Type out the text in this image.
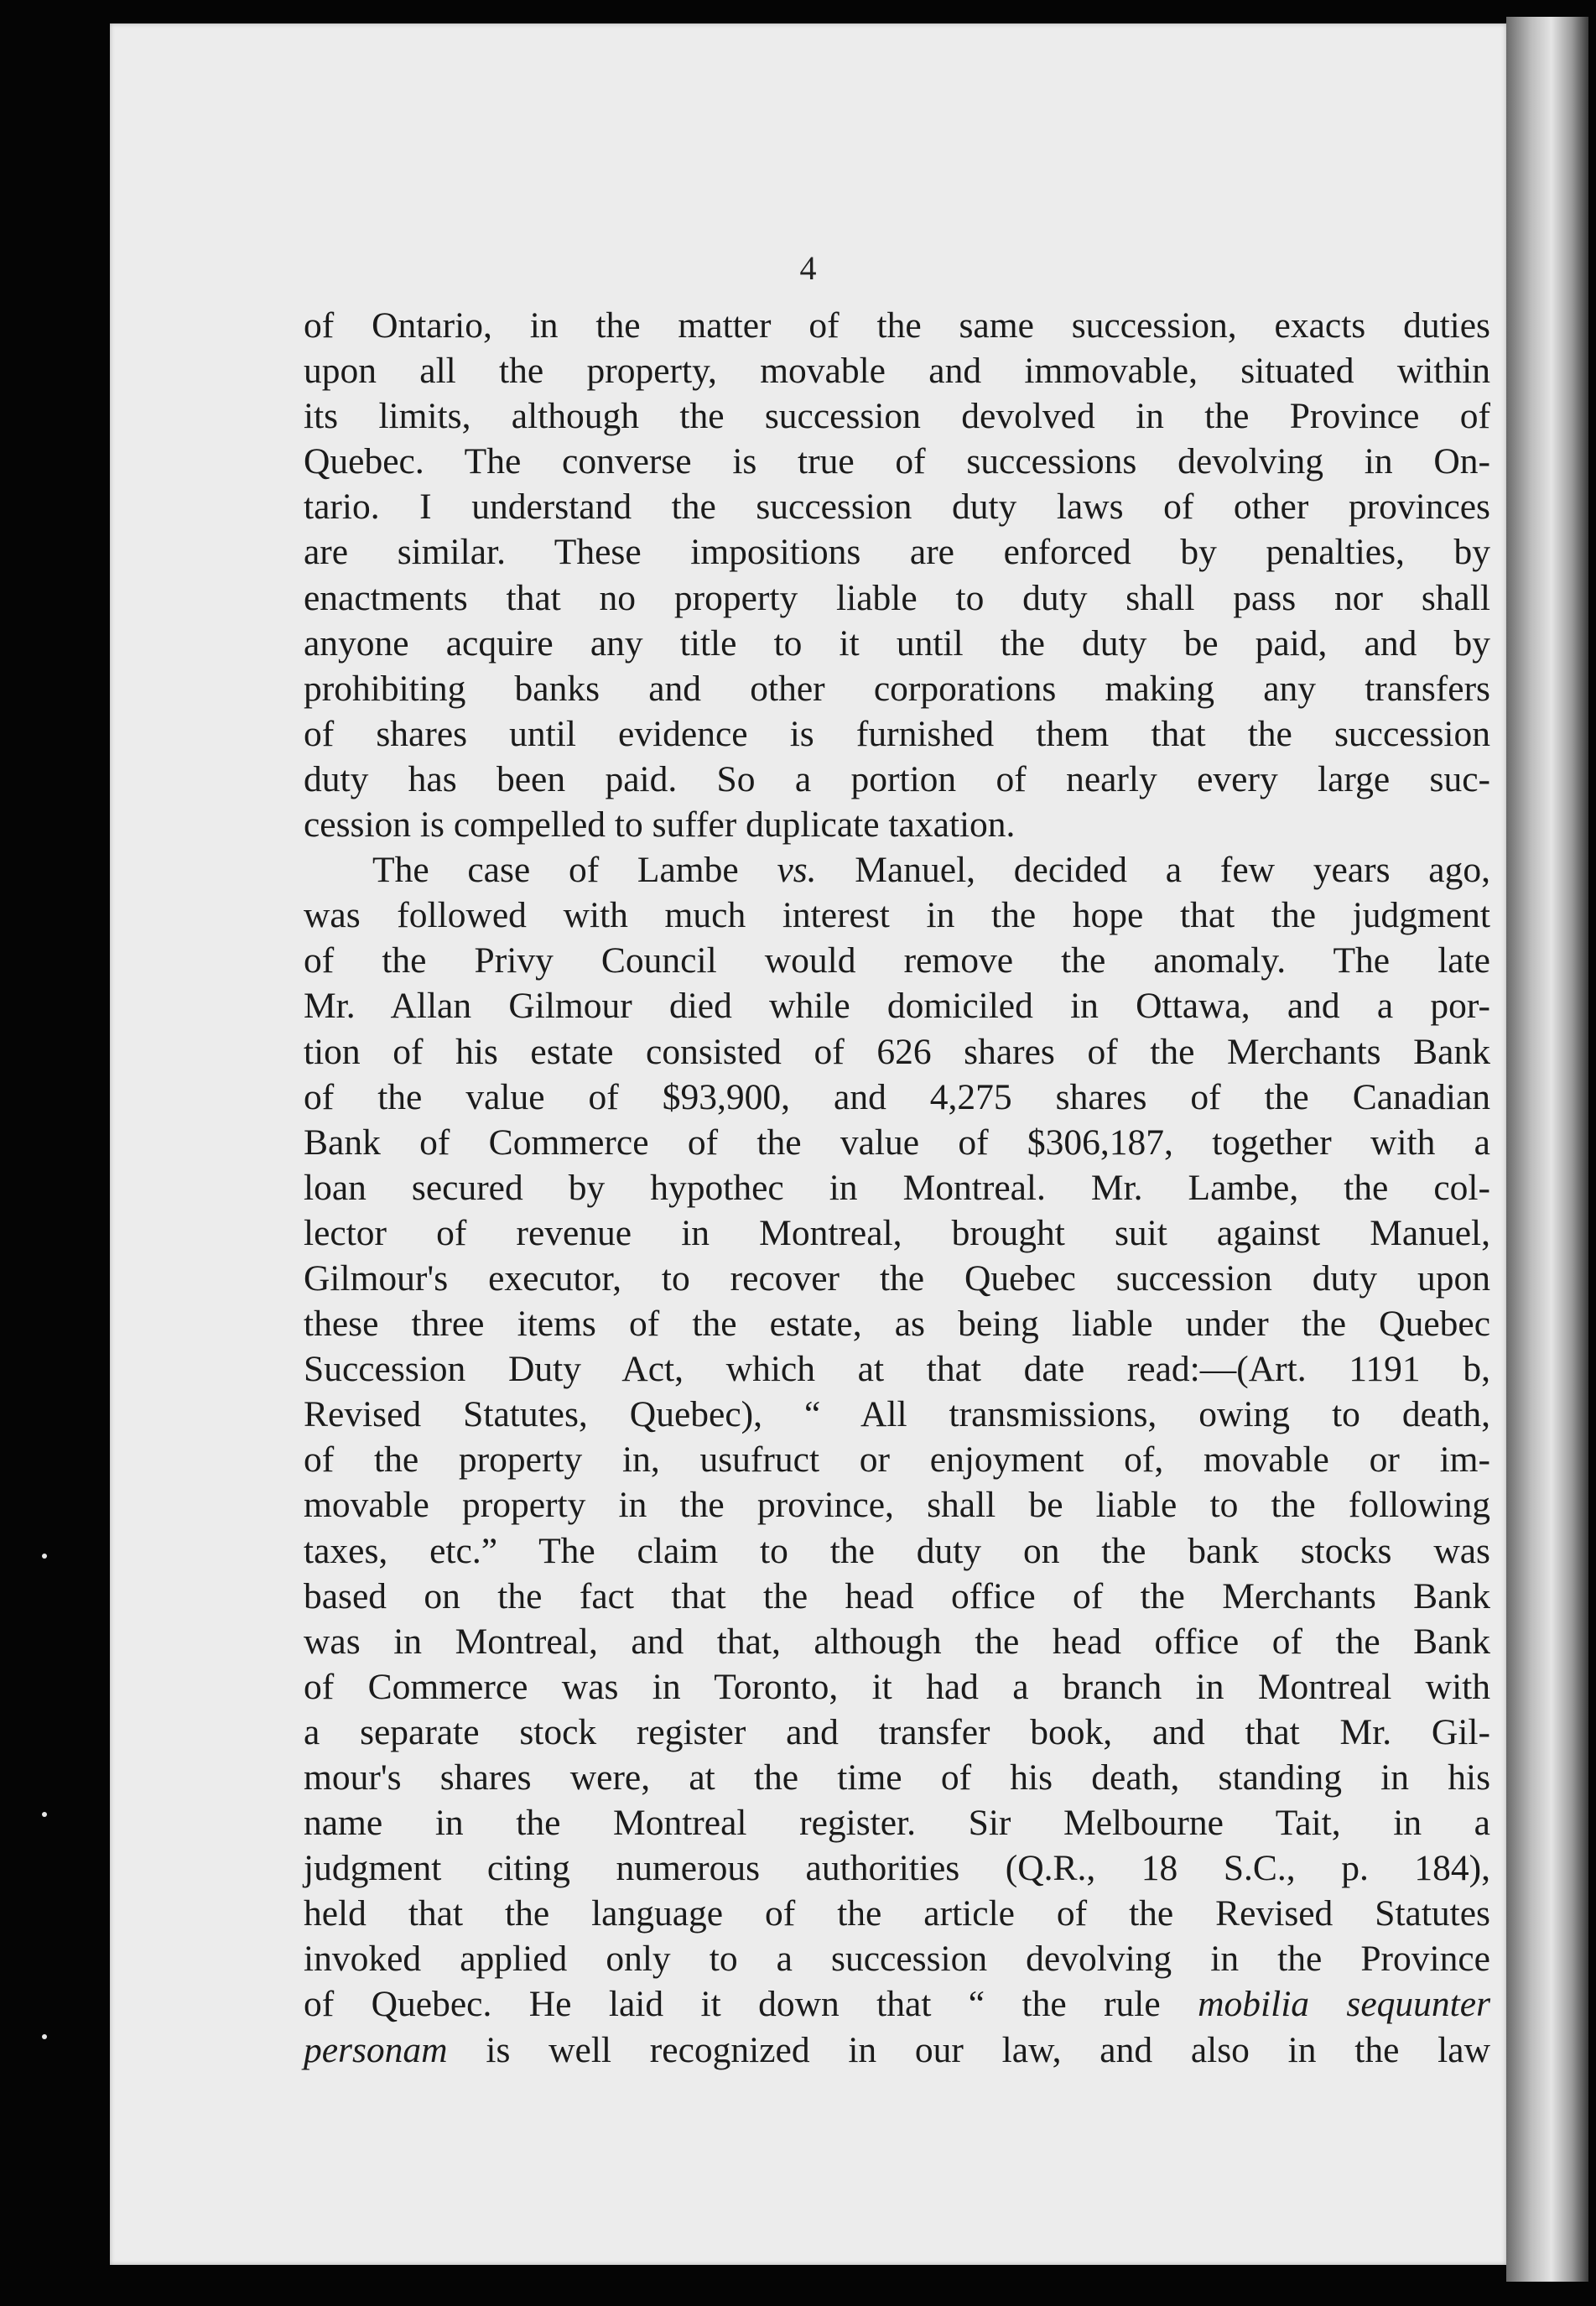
4
of Ontario, in the matter of the same succession, exacts duties
upon all the property, movable and immovable, situated within
its limits, although the succession devolved in the Province of
Quebec. The converse is true of successions devolving in On-
tario. I understand the succession duty laws of other provinces
are similar. These impositions are enforced by penalties, by
enactments that no property liable to duty shall pass nor shall
anyone acquire any title to it until the duty be paid, and by
prohibiting banks and other corporations making any transfers
of shares until evidence is furnished them that the succession
duty has been paid. So a portion of nearly every large suc-
cession is compelled to suffer duplicate taxation.
The case of Lambe vs. Manuel, decided a few years ago,
was followed with much interest in the hope that the judgment
of the Privy Council would remove the anomaly. The late
Mr. Allan Gilmour died while domiciled in Ottawa, and a por-
tion of his estate consisted of 626 shares of the Merchants Bank
of the value of $93,900, and 4,275 shares of the Canadian
Bank of Commerce of the value of $306,187, together with a
loan secured by hypothec in Montreal. Mr. Lambe, the col-
lector of revenue in Montreal, brought suit against Manuel,
Gilmour's executor, to recover the Quebec succession duty upon
these three items of the estate, as being liable under the Quebec
Succession Duty Act, which at that date read:—(Art. 1191 b,
Revised Statutes, Quebec), “ All transmissions, owing to death,
of the property in, usufruct or enjoyment of, movable or im-
movable property in the province, shall be liable to the following
taxes, etc.” The claim to the duty on the bank stocks was
based on the fact that the head office of the Merchants Bank
was in Montreal, and that, although the head office of the Bank
of Commerce was in Toronto, it had a branch in Montreal with
a separate stock register and transfer book, and that Mr. Gil-
mour's shares were, at the time of his death, standing in his
name in the Montreal register. Sir Melbourne Tait, in a
judgment citing numerous authorities (Q.R., 18 S.C., p. 184),
held that the language of the article of the Revised Statutes
invoked applied only to a succession devolving in the Province
of Quebec. He laid it down that “ the rule mobilia sequunter
personam is well recognized in our law, and also in the law
